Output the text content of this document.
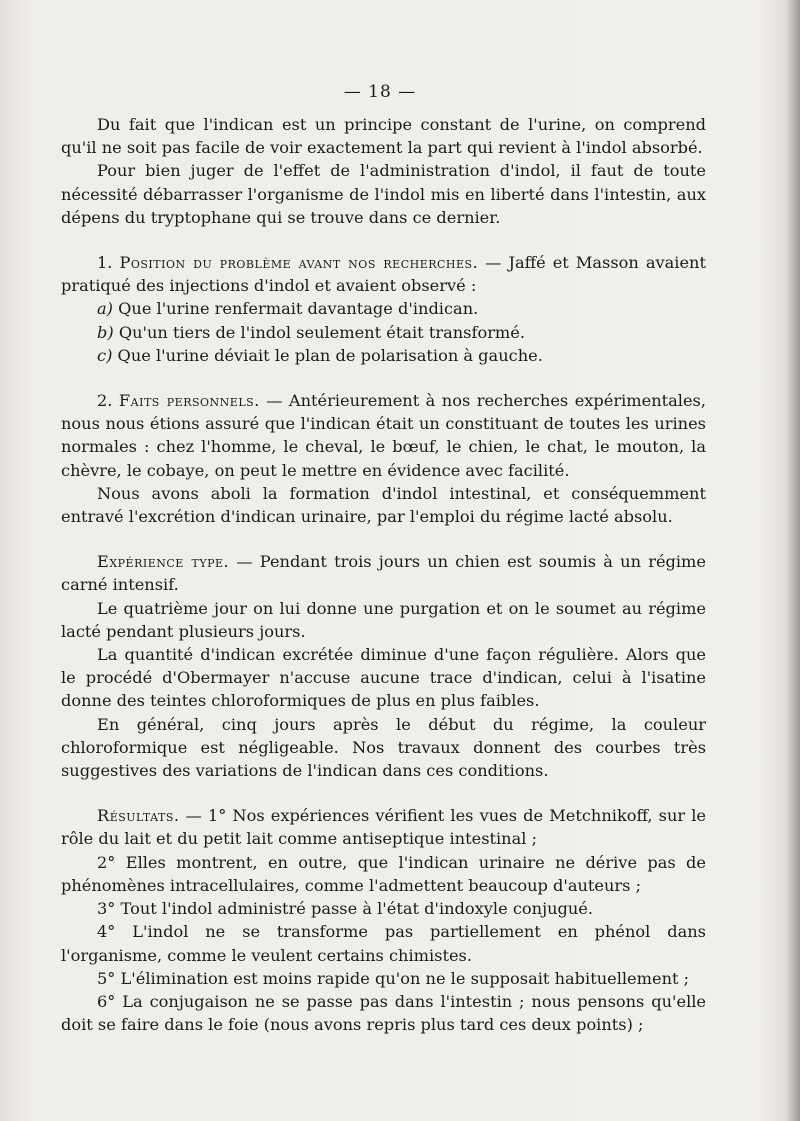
— 18 —

Du fait que l'indican est un principe constant de l'urine, on comprend qu'il ne soit pas facile de voir exactement la part qui revient à l'indol absorbé.

Pour bien juger de l'effet de l'administration d'indol, il faut de toute nécessité débarrasser l'organisme de l'indol mis en liberté dans l'intestin, aux dépens du tryptophane qui se trouve dans ce dernier.

1. Position du problème avant nos recherches. — Jaffé et Masson avaient pratiqué des injections d'indol et avaient observé :

a) Que l'urine renfermait davantage d'indican.

b) Qu'un tiers de l'indol seulement était transformé.

c) Que l'urine déviait le plan de polarisation à gauche.

2. Faits personnels. — Antérieurement à nos recherches expérimentales, nous nous étions assuré que l'indican était un constituant de toutes les urines normales : chez l'homme, le cheval, le bœuf, le chien, le chat, le mouton, la chèvre, le cobaye, on peut le mettre en évidence avec facilité.

Nous avons aboli la formation d'indol intestinal, et conséquemment entravé l'excrétion d'indican urinaire, par l'emploi du régime lacté absolu.

Expérience type. — Pendant trois jours un chien est soumis à un régime carné intensif.

Le quatrième jour on lui donne une purgation et on le soumet au régime lacté pendant plusieurs jours.

La quantité d'indican excrétée diminue d'une façon régulière. Alors que le procédé d'Obermayer n'accuse aucune trace d'indican, celui à l'isatine donne des teintes chloroformiques de plus en plus faibles.

En général, cinq jours après le début du régime, la couleur chloroformique est négligeable. Nos travaux donnent des courbes très suggestives des variations de l'indican dans ces conditions.

Résultats. — 1° Nos expériences vérifient les vues de Metchnikoff, sur le rôle du lait et du petit lait comme antiseptique intestinal ;

2° Elles montrent, en outre, que l'indican urinaire ne dérive pas de phénomènes intracellulaires, comme l'admettent beaucoup d'auteurs ;

3° Tout l'indol administré passe à l'état d'indoxyle conjugué.

4° L'indol ne se transforme pas partiellement en phénol dans l'organisme, comme le veulent certains chimistes.

5° L'élimination est moins rapide qu'on ne le supposait habituellement ;

6° La conjugaison ne se passe pas dans l'intestin ; nous pensons qu'elle doit se faire dans le foie (nous avons repris plus tard ces deux points) ;
